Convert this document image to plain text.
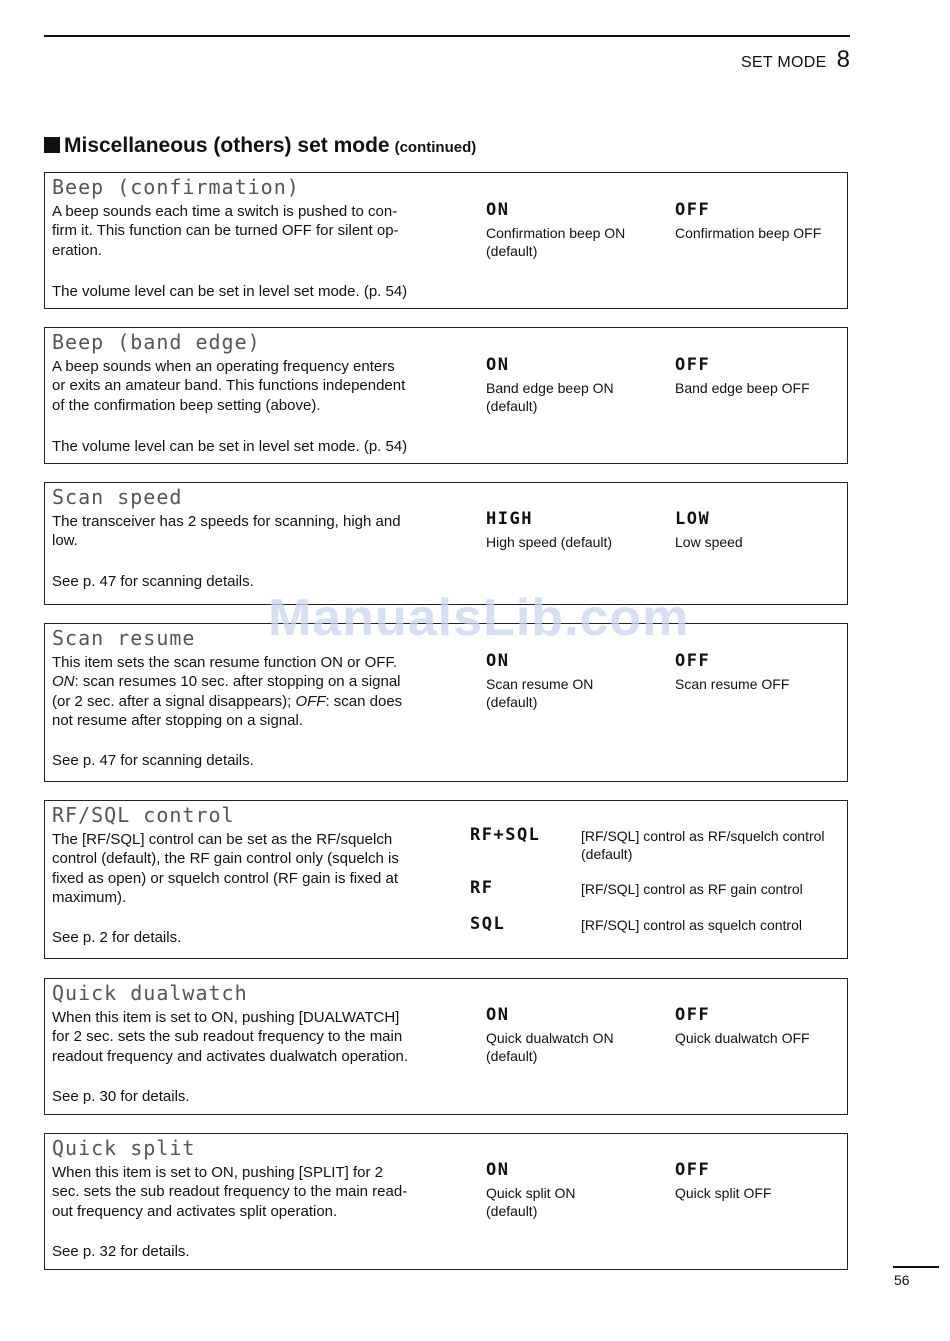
SET MODE 8
Miscellaneous (others) set mode (continued)
Beep (confirmation)
A beep sounds each time a switch is pushed to con-
firm it. This function can be turned OFF for silent op-
eration.
The volume level can be set in level set mode. (p. 54)
ON
Confirmation beep ON
(default)
OFF
Confirmation beep OFF
Beep (band edge)
A beep sounds when an operating frequency enters
or exits an amateur band. This functions independent
of the confirmation beep setting (above).
The volume level can be set in level set mode. (p. 54)
ON
Band edge beep ON
(default)
OFF
Band edge beep OFF
Scan speed
The transceiver has 2 speeds for scanning, high and
low.
See p. 47 for scanning details.
HIGH
High speed (default)
LOW
Low speed
Scan resume
This item sets the scan resume function ON or OFF.
ON: scan resumes 10 sec. after stopping on a signal
(or 2 sec. after a signal disappears); OFF: scan does
not resume after stopping on a signal.
See p. 47 for scanning details.
ON
Scan resume ON
(default)
OFF
Scan resume OFF
ManualsLib.com
RF/SQL control
The [RF/SQL] control can be set as the RF/squelch
control (default), the RF gain control only (squelch is
fixed as open) or squelch control (RF gain is fixed at
maximum).
See p. 2 for details.
RF+SQL	[RF/SQL] control as RF/squelch control
(default)
RF	[RF/SQL] control as RF gain control
SQL	[RF/SQL] control as squelch control
Quick dualwatch
When this item is set to ON, pushing [DUALWATCH]
for 2 sec. sets the sub readout frequency to the main
readout frequency and activates dualwatch operation.
See p. 30 for details.
ON
Quick dualwatch ON
(default)
OFF
Quick dualwatch OFF
Quick split
When this item is set to ON, pushing [SPLIT] for 2
sec. sets the sub readout frequency to the main read-
out frequency and activates split operation.
See p. 32 for details.
ON
Quick split ON
(default)
OFF
Quick split OFF
56
